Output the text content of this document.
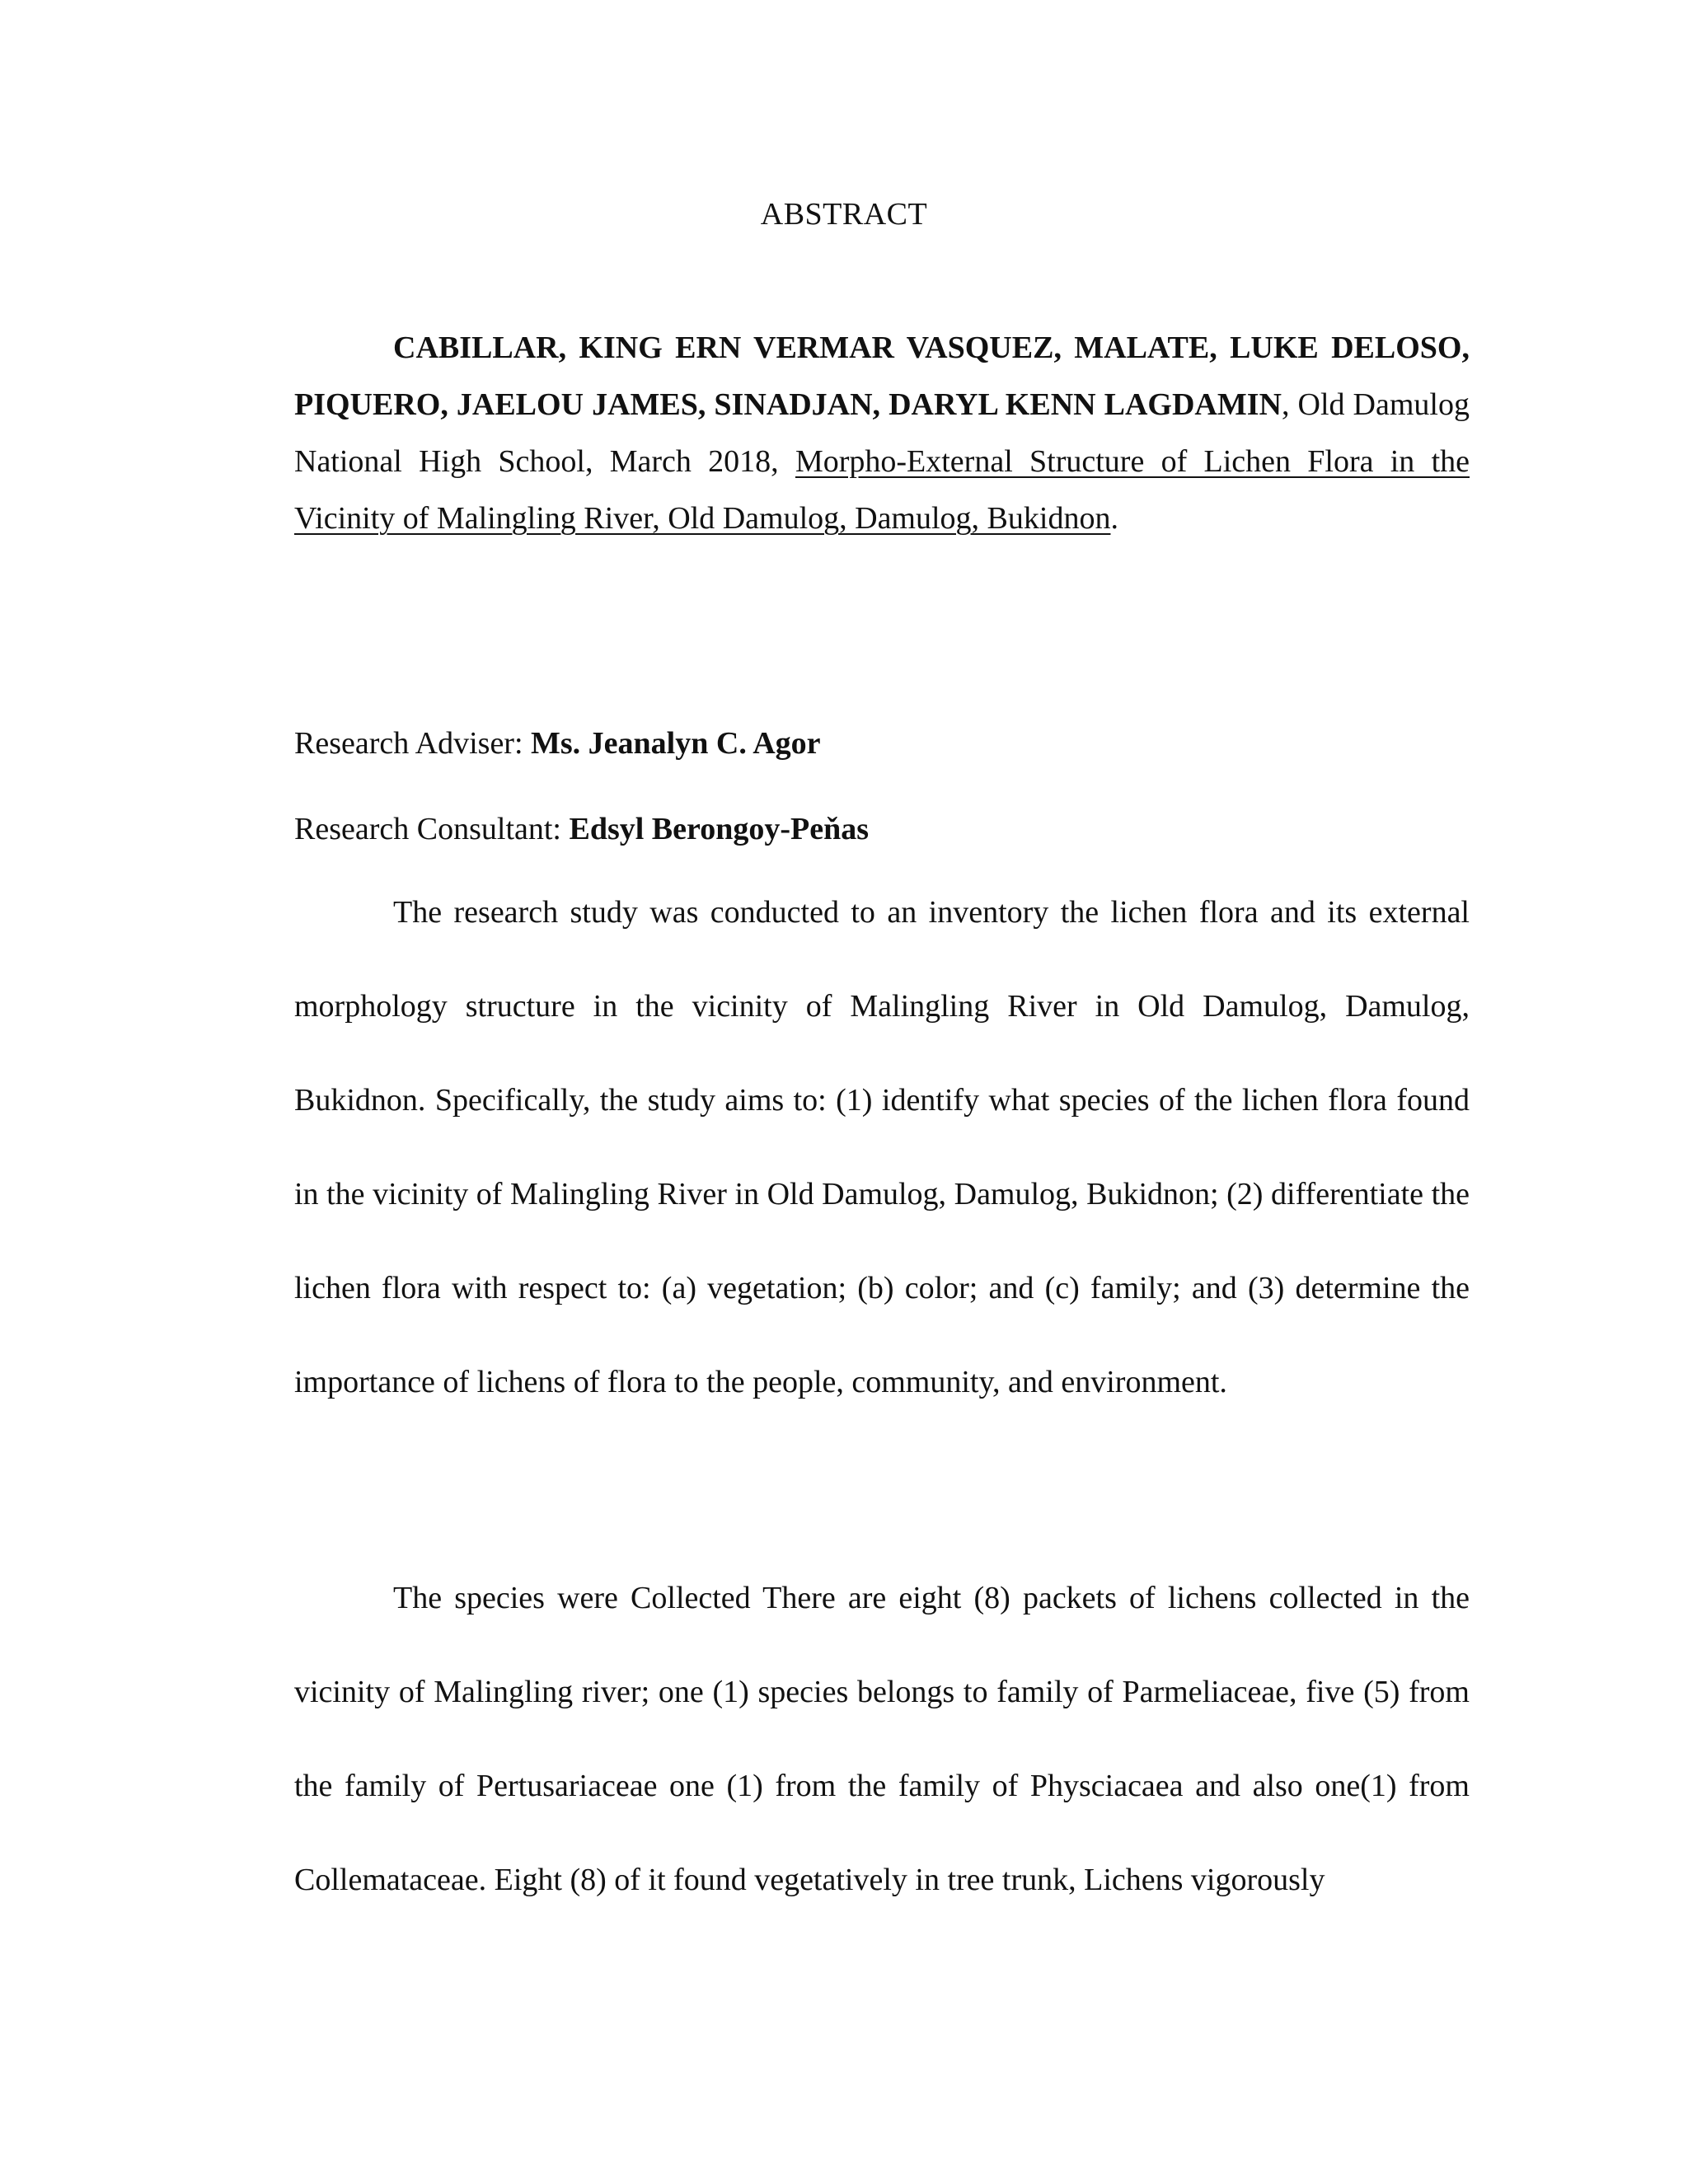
ABSTRACT
CABILLAR, KING ERN VERMAR VASQUEZ, MALATE, LUKE DELOSO, PIQUERO, JAELOU JAMES, SINADJAN, DARYL KENN LAGDAMIN, Old Damulog National High School, March 2018, Morpho-External Structure of Lichen Flora in the Vicinity of Malingling River, Old Damulog, Damulog, Bukidnon.
Research Adviser: Ms. Jeanalyn C. Agor
Research Consultant: Edsyl Berongoy-Peňas
The research study was conducted to an inventory the lichen flora and its external morphology structure in the vicinity of Malingling River in Old Damulog, Damulog, Bukidnon. Specifically, the study aims to: (1) identify what species of the lichen flora found in the vicinity of Malingling River in Old Damulog, Damulog, Bukidnon; (2) differentiate the lichen flora with respect to: (a) vegetation; (b) color; and (c) family; and (3) determine the importance of lichens of flora to the people, community, and environment.
The species were Collected There are eight (8) packets of lichens collected in the vicinity of Malingling river; one (1) species belongs to family of Parmeliaceae, five (5) from the family of Pertusariaceae one (1) from the family of Physciacaea and also one(1) from Collemataceae. Eight (8) of it found vegetatively in tree trunk, Lichens vigorously
